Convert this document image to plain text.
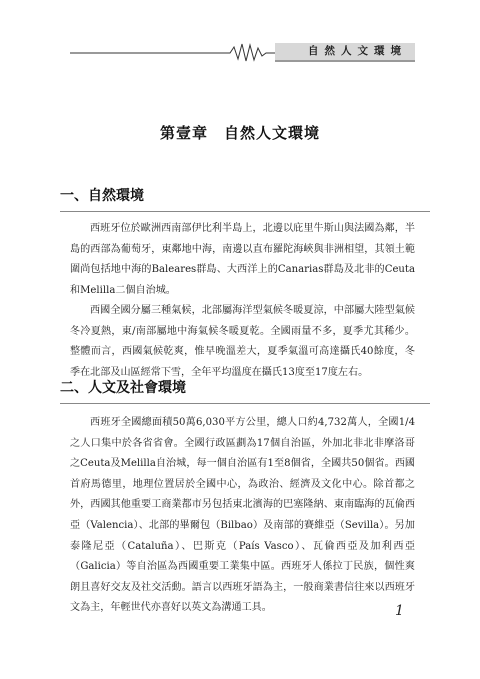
自然人文環境
第壹章　自然人文環境
一、自然環境
西班牙位於歐洲西南部伊比利半島上，北邊以庇里牛斯山與法國為鄰，半島的西部為葡萄牙，東鄰地中海，南邊以直布羅陀海峽與非洲相望，其領土範圍尚包括地中海的Baleares群島、大西洋上的Canarias群島及北非的Ceuta和Melilla二個自治城。
西國全國分屬三種氣候，北部屬海洋型氣候冬暖夏涼，中部屬大陸型氣候冬冷夏熱，東/南部屬地中海氣候冬暖夏乾。全國雨量不多，夏季尤其稀少。整體而言，西國氣候乾爽，惟早晚溫差大，夏季氣溫可高達攝氏40餘度，冬季在北部及山區經常下雪，全年平均溫度在攝氏13度至17度左右。
二、人文及社會環境
西班牙全國總面積50萬6,030平方公里，總人口約4,732萬人，全國1/4之人口集中於各省省會。全國行政區劃為17個自治區，外加北非北非摩洛哥之Ceuta及Melilla自治城，每一個自治區有1至8個省，全國共50個省。西國首府馬德里，地理位置居於全國中心，為政治、經濟及文化中心。除首都之外，西國其他重要工商業都市另包括東北濱海的巴塞隆納、東南臨海的瓦倫西亞（Valencia）、北部的畢爾包（Bilbao）及南部的賽維亞（Sevilla）。另加泰隆尼亞（Cataluña）、巴斯克（País Vasco）、瓦倫西亞及加利西亞（Galicia）等自治區為西國重要工業集中區。西班牙人係拉丁民族，個性爽朗且喜好交友及社交活動。語言以西班牙語為主，一般商業書信往來以西班牙文為主，年輕世代亦喜好以英文為溝通工具。	1
